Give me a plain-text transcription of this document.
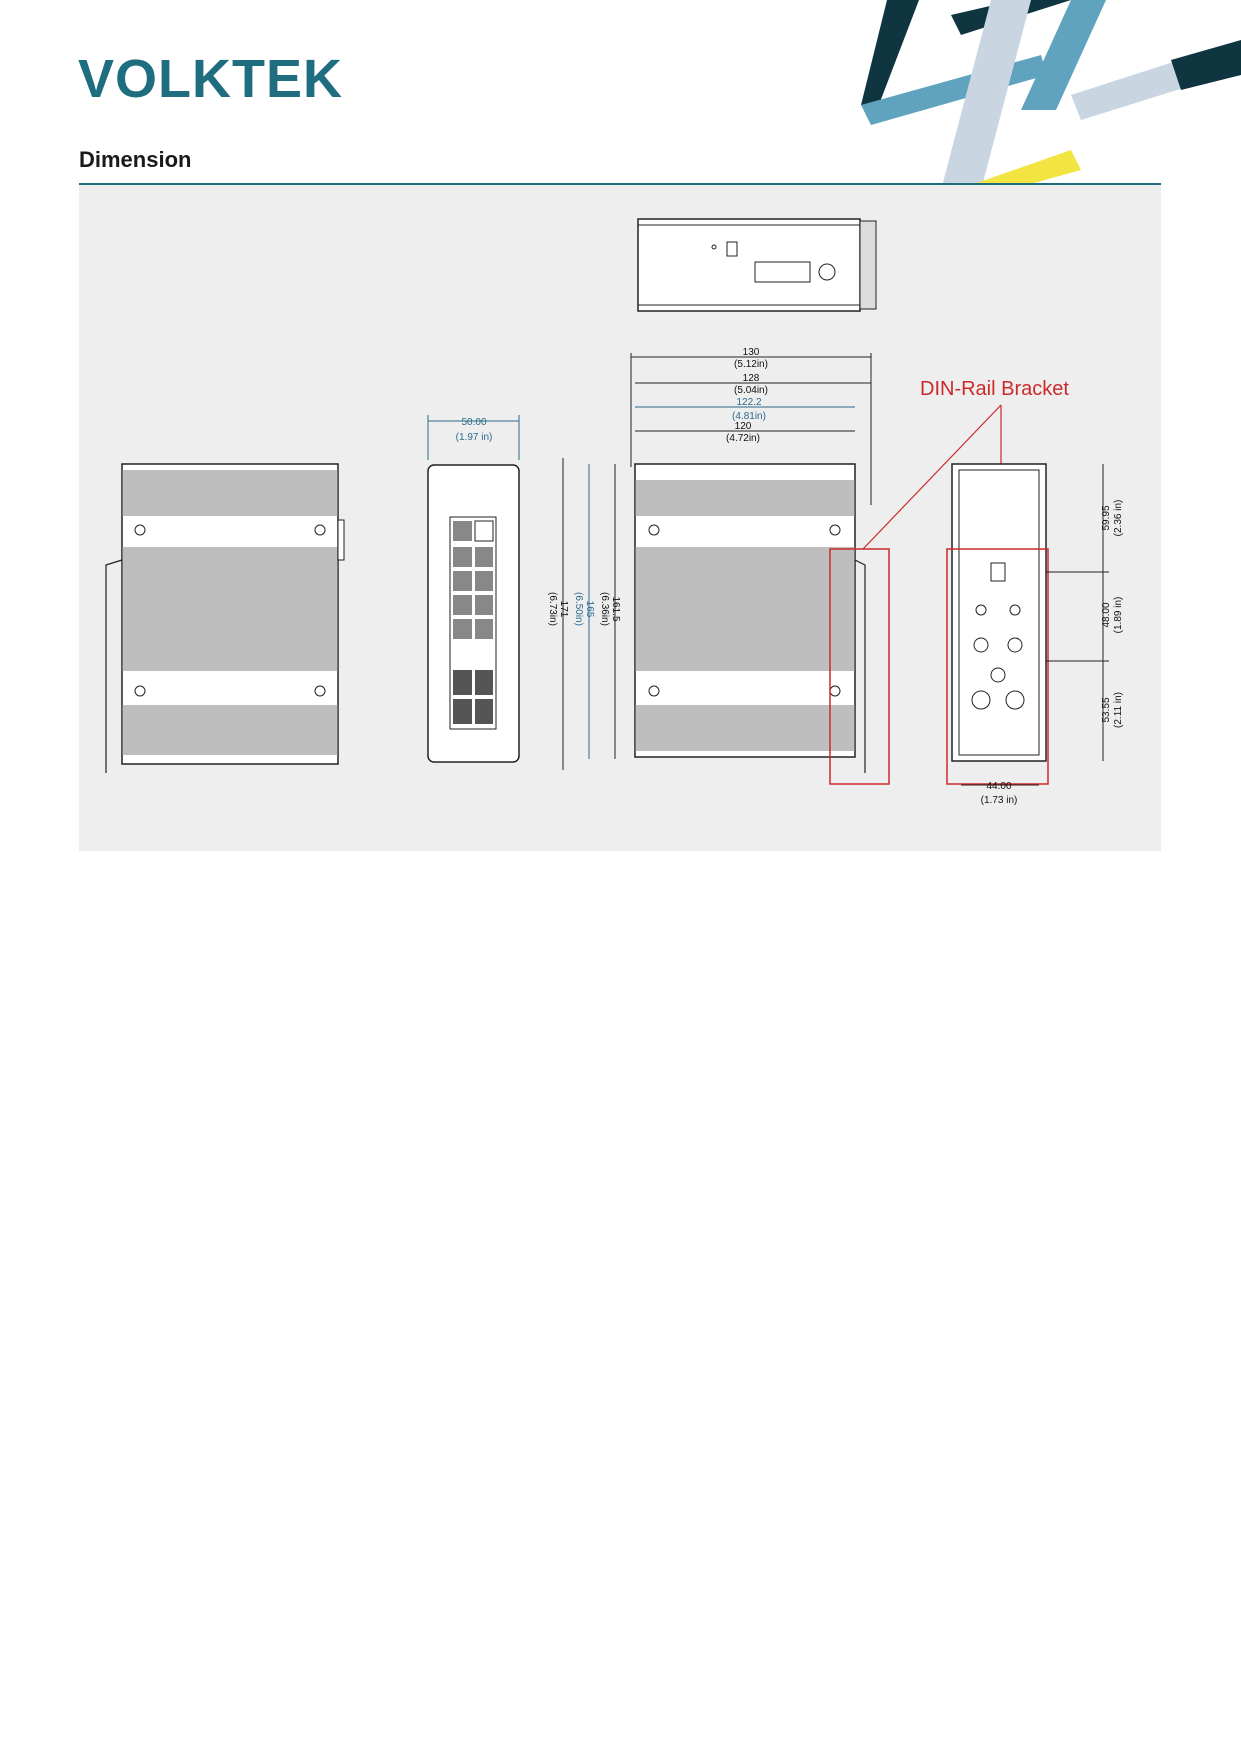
VOLKTEK
Dimension
50.00
(1.97 in)
130
(5.12in)
128
(5.04in)
122.2
(4.81in)
120
(4.72in)
171
(6.73in)	165
(6.50in)	161.5
(6.36in)
DIN-Rail Bracket
59.95 (2.36 in)
48.00 (1.89 in)
53.55 (2.11 in)
44.00
(1.73 in)
